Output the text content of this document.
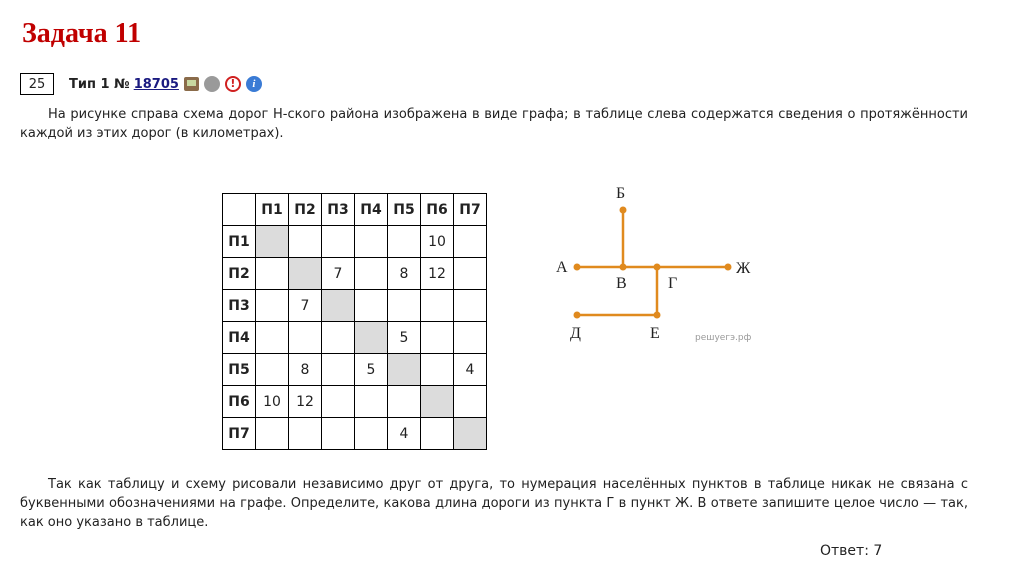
Задача 11
25	Тип 1 № 18705	!	i
На рисунке справа схема дорог Н-ского района изображена в виде графа; в таблице слева содержатся сведения о протяжённости каждой из этих дорог (в километрах).
	П1	П2	П3	П4	П5	П6	П7
П1						10	
П2			7		8	12	
П3		7					
П4					5		
П5		8		5			4
П6	10	12					
П7					4		
Б
А
В	Г
Ж
Д	Е	решуегэ.рф
Так как таблицу и схему рисовали независимо друг от друга, то нумерация населённых пунктов в таблице никак не связана с буквенными обозначениями на графе. Определите, какова длина дороги из пункта Г в пункт Ж. В ответе запишите целое число — так, как оно указано в таблице.
Ответ: 7
